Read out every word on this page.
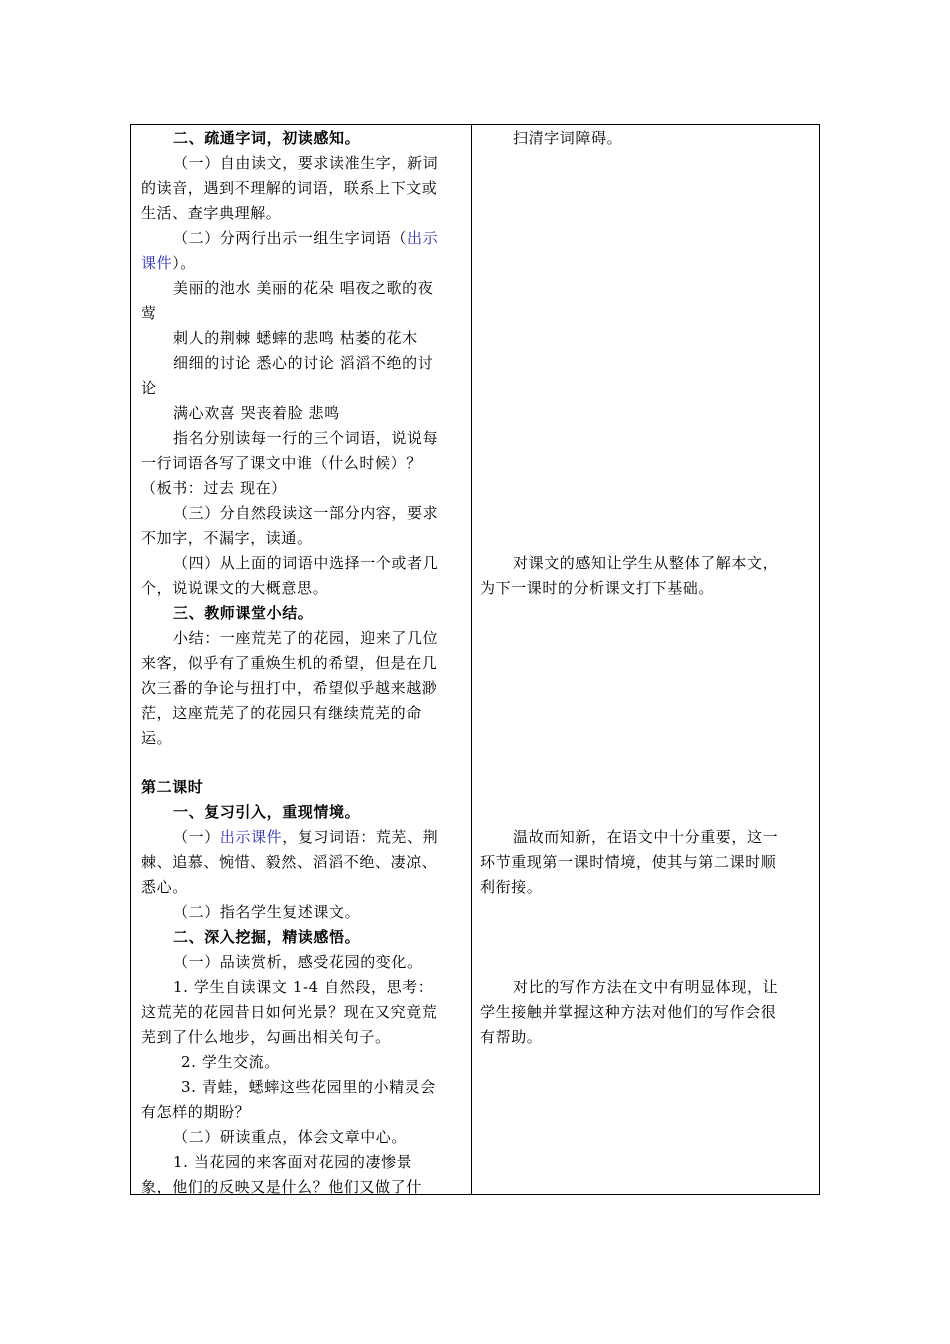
二、疏通字词，初读感知。
（一）自由读文，要求读准生字，新词
的读音，遇到不理解的词语，联系上下文或
生活、查字典理解。
（二）分两行出示一组生字词语（出示
课件）。
美丽的池水 美丽的花朵 唱夜之歌的夜
莺
刺人的荆棘 蟋蟀的悲鸣 枯萎的花木
细细的讨论 悉心的讨论 滔滔不绝的讨
论
满心欢喜 哭丧着脸 悲鸣
指名分别读每一行的三个词语，说说每
一行词语各写了课文中谁（什么时候）？
（板书：过去 现在）
（三）分自然段读这一部分内容，要求
不加字，不漏字，读通。
（四）从上面的词语中选择一个或者几
个，说说课文的大概意思。
三、教师课堂小结。
小结：一座荒芜了的花园，迎来了几位
来客，似乎有了重焕生机的希望，但是在几
次三番的争论与扭打中，希望似乎越来越渺
茫，这座荒芜了的花园只有继续荒芜的命
运。
第二课时
一、复习引入，重现情境。
（一）出示课件，复习词语：荒芜、荆
棘、追慕、惋惜、毅然、滔滔不绝、凄凉、
悉心。
（二）指名学生复述课文。
二、深入挖掘，精读感悟。
（一）品读赏析，感受花园的变化。
1. 学生自读课文 1-4 自然段，思考：
这荒芜的花园昔日如何光景？现在又究竟荒
芜到了什么地步，勾画出相关句子。
2. 学生交流。
3. 青蛙，蟋蟀这些花园里的小精灵会
有怎样的期盼？
（二）研读重点，体会文章中心。
1. 当花园的来客面对花园的凄惨景
象，他们的反映又是什么？他们又做了什
扫清字词障碍。
对课文的感知让学生从整体了解本文，
为下一课时的分析课文打下基础。
温故而知新，在语文中十分重要，这一
环节重现第一课时情境，使其与第二课时顺
利衔接。
对比的写作方法在文中有明显体现，让
学生接触并掌握这种方法对他们的写作会很
有帮助。
